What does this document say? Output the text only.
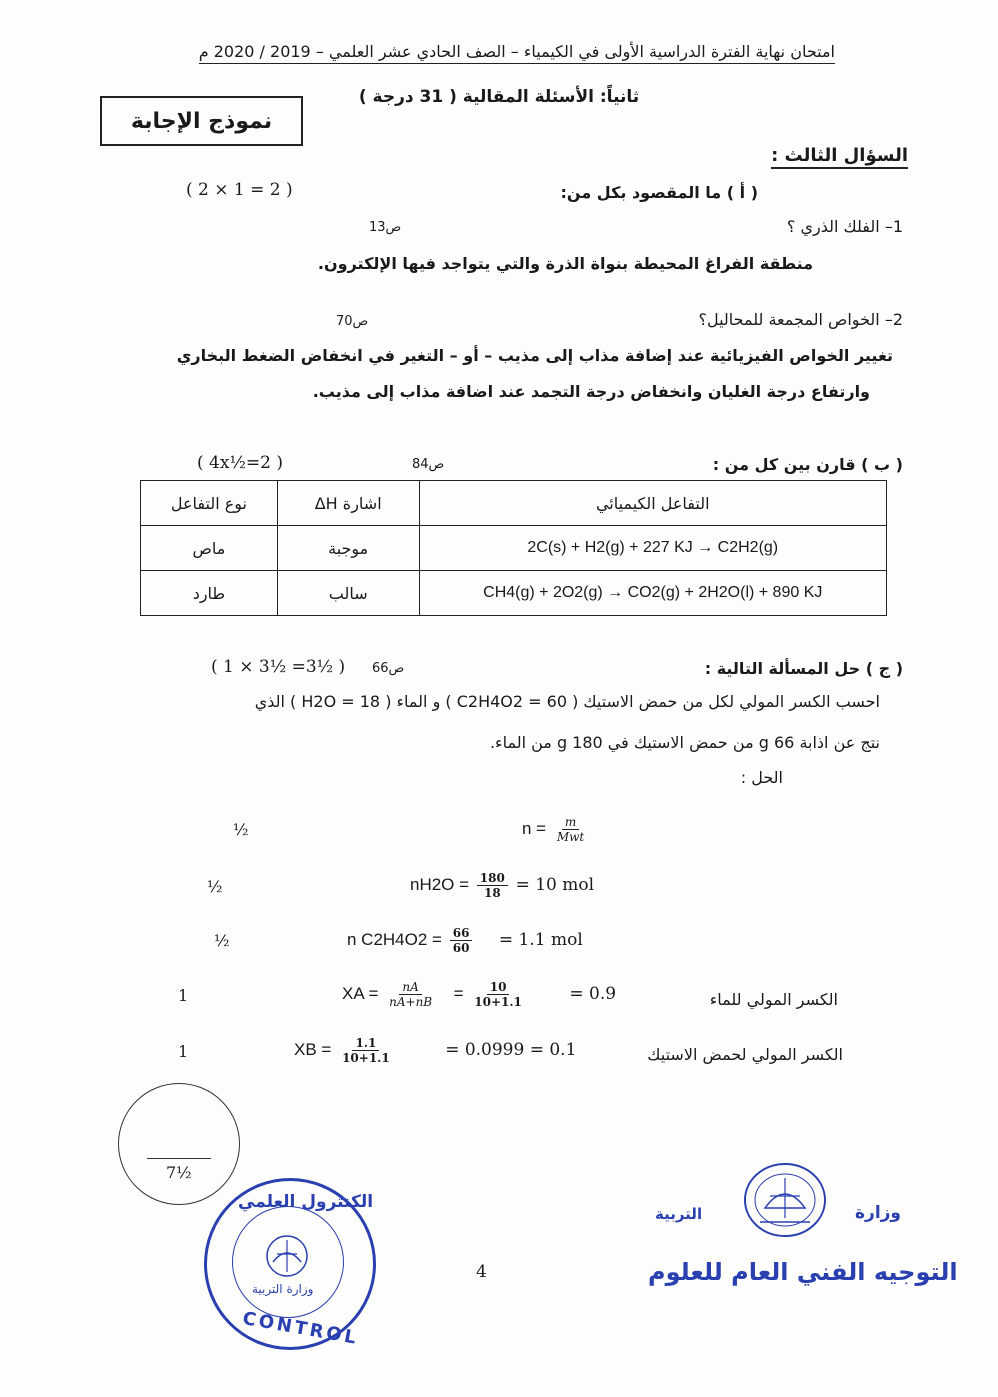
امتحان نهاية الفترة الدراسية الأولى في الكيمياء – الصف الحادي عشر العلمي – 2019 / 2020 م
ثانياً: الأسئلة المقالية ( 31 درجة )
نموذج الإجابة
السؤال الثالث :
( أ ) ما المقصود بكل من:
( 2 × 1 = 2 )
1– الفلك الذري ؟
ص13
منطقة الفراغ المحيطة بنواة الذرة والتي يتواجد فيها الإلكترون.
2– الخواص المجمعة للمحاليل؟
ص70
تغيير الخواص الفيزيائية عند إضافة مذاب إلى مذيب – أو – التغير في انخفاض الضغط البخاري
وارتفاع درجة الغليان وانخفاض درجة التجمد عند اضافة مذاب إلى مذيب.
( 4x½=2 )	ص84	( ب ) قارن بين كل من :
التفاعل الكيميائي	اشارة ΔH	نوع التفاعل
2C(s) + H2(g) + 227 KJ → C2H2(g)	موجبة	ماص
CH4(g) + 2O2(g) → CO2(g) + 2H2O(l) + 890 KJ	سالب	طارد
( 1 × 3½ =3½ ) ص66	( ج ) حل المسألة التالية :
احسب الكسر المولي لكل من حمض الاستيك ( C2H4O2 = 60 ) و الماء ( H2O = 18 ) الذي
نتج عن اذابة g 66 من حمض الاستيك في g 180 من الماء.
الحل :
½	$n = \frac{m}{\text{Mwt}}$
½	$nH2O = \frac{180}{18} = 10$ mol
½	n $C2H4O2 = \frac{66}{60} = 1.1$ mol
1	XA = $\frac{nA}{nA+nB} = \frac{10}{10+1.1}$	= 0.9	الكسر المولي للماء
1	XB = $\frac{1.1}{10+1.1}$	= 0.0999 = 0.1	الكسر المولي لحمض الاستيك
7½
الكنترول العلمي
وزارة التربية
CONTROL
4
وزارة
التربية
التوجيه الفني العام للعلوم
